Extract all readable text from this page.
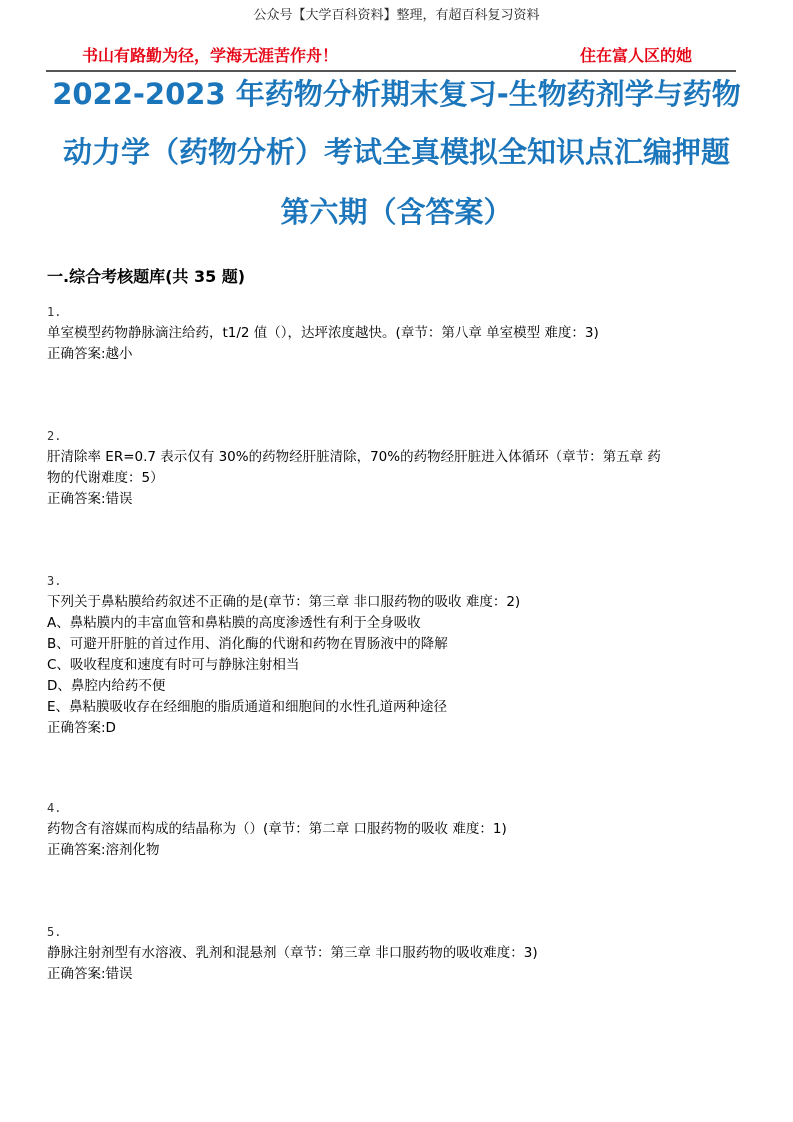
公众号【大学百科资料】整理，有超百科复习资料
书山有路勤为径，学海无涯苦作舟！	住在富人区的她
2022-2023 年药物分析期末复习-生物药剂学与药物
动力学（药物分析）考试全真模拟全知识点汇编押题
第六期（含答案）
一.综合考核题库(共 35 题)

1.

单室模型药物静脉滴注给药，t1/2 值（），达坪浓度越快。(章节：第八章 单室模型 难度：3)

正确答案:越小

2.

肝清除率 ER=0.7 表示仅有 30%的药物经肝脏清除，70%的药物经肝脏进入体循环（章节：第五章 药

物的代谢难度：5）

正确答案:错误

3.

下列关于鼻粘膜给药叙述不正确的是(章节：第三章 非口服药物的吸收 难度：2)

A、鼻粘膜内的丰富血管和鼻粘膜的高度渗透性有利于全身吸收

B、可避开肝脏的首过作用、消化酶的代谢和药物在胃肠液中的降解

C、吸收程度和速度有时可与静脉注射相当

D、鼻腔内给药不便

E、鼻粘膜吸收存在经细胞的脂质通道和细胞间的水性孔道两种途径

正确答案:D

4.

药物含有溶媒而构成的结晶称为（）(章节：第二章 口服药物的吸收 难度：1)

正确答案:溶剂化物

5.

静脉注射剂型有水溶液、乳剂和混悬剂（章节：第三章 非口服药物的吸收难度：3)

正确答案:错误
